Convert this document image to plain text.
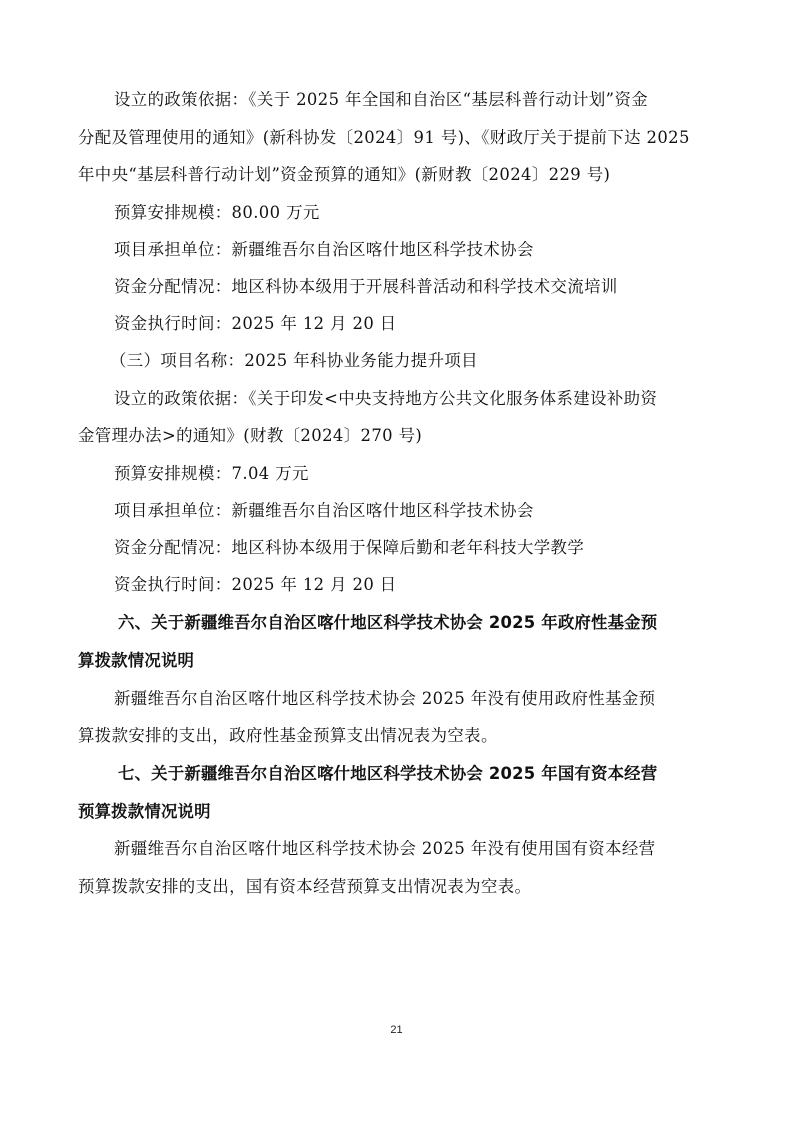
设立的政策依据：《关于 2025 年全国和自治区“基层科普行动计划”资金
分配及管理使用的通知》(新科协发〔2024〕91 号)、《财政厅关于提前下达 2025
年中央“基层科普行动计划”资金预算的通知》(新财教〔2024〕229 号)
预算安排规模：80.00 万元
项目承担单位：新疆维吾尔自治区喀什地区科学技术协会
资金分配情况：地区科协本级用于开展科普活动和科学技术交流培训
资金执行时间：2025 年 12 月 20 日
（三）项目名称：2025 年科协业务能力提升项目
设立的政策依据：《关于印发<中央支持地方公共文化服务体系建设补助资
金管理办法>的通知》(财教〔2024〕270 号)
预算安排规模：7.04 万元
项目承担单位：新疆维吾尔自治区喀什地区科学技术协会
资金分配情况：地区科协本级用于保障后勤和老年科技大学教学
资金执行时间：2025 年 12 月 20 日
六、关于新疆维吾尔自治区喀什地区科学技术协会 2025 年政府性基金预
算拨款情况说明
新疆维吾尔自治区喀什地区科学技术协会 2025 年没有使用政府性基金预
算拨款安排的支出，政府性基金预算支出情况表为空表。
七、关于新疆维吾尔自治区喀什地区科学技术协会 2025 年国有资本经营
预算拨款情况说明
新疆维吾尔自治区喀什地区科学技术协会 2025 年没有使用国有资本经营
预算拨款安排的支出，国有资本经营预算支出情况表为空表。
21
